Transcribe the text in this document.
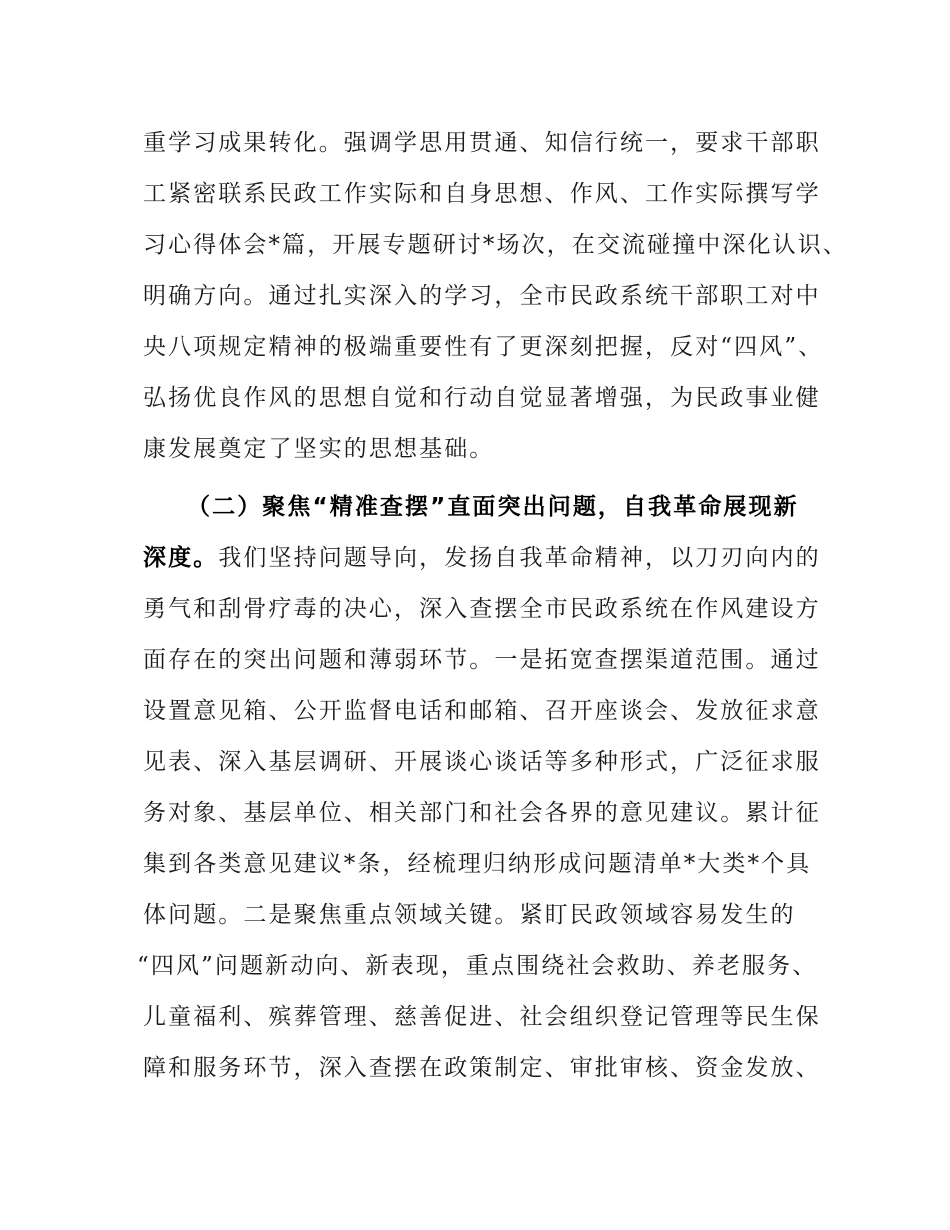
重学习成果转化。强调学思用贯通、知信行统一，要求干部职
工紧密联系民政工作实际和自身思想、作风、工作实际撰写学
习心得体会*篇，开展专题研讨*场次，在交流碰撞中深化认识、
明确方向。通过扎实深入的学习，全市民政系统干部职工对中
央八项规定精神的极端重要性有了更深刻把握，反对“四风”、
弘扬优良作风的思想自觉和行动自觉显著增强，为民政事业健
康发展奠定了坚实的思想基础。
（二）聚焦“精准查摆”直面突出问题，自我革命展现新
深度。我们坚持问题导向，发扬自我革命精神，以刀刃向内的
勇气和刮骨疗毒的决心，深入查摆全市民政系统在作风建设方
面存在的突出问题和薄弱环节。一是拓宽查摆渠道范围。通过
设置意见箱、公开监督电话和邮箱、召开座谈会、发放征求意
见表、深入基层调研、开展谈心谈话等多种形式，广泛征求服
务对象、基层单位、相关部门和社会各界的意见建议。累计征
集到各类意见建议*条，经梳理归纳形成问题清单*大类*个具
体问题。二是聚焦重点领域关键。紧盯民政领域容易发生的
“四风”问题新动向、新表现，重点围绕社会救助、养老服务、
儿童福利、殡葬管理、慈善促进、社会组织登记管理等民生保
障和服务环节，深入查摆在政策制定、审批审核、资金发放、
